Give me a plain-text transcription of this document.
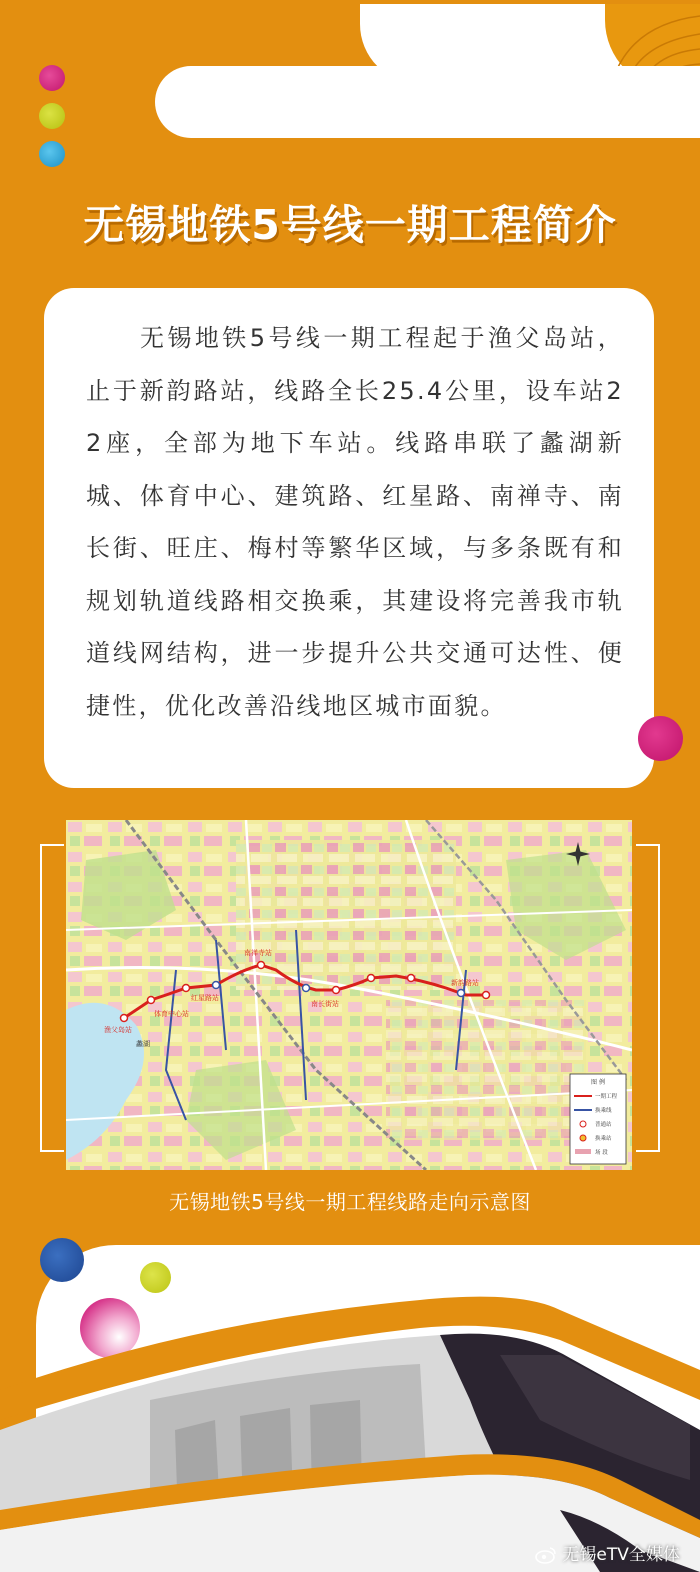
无锡地铁5号线一期工程简介
无锡地铁5号线一期工程起于渔父岛站，止于新韵路站，线路全长25.4公里，设车站22座，全部为地下车站。线路串联了蠡湖新城、体育中心、建筑路、红星路、南禅寺、南长街、旺庄、梅村等繁华区域，与多条既有和规划轨道线路相交换乘，其建设将完善我市轨道线网结构，进一步提升公共交通可达性、便捷性，优化改善沿线地区城市面貌。
蠡湖
渔父岛站
体育中心站
红星路站
南禅寺站
南长街站
新韵路站
图 例
一期工程
换乘线
普通站
换乘站
场 段
无锡地铁5号线一期工程线路走向示意图
无锡eTV全媒体
